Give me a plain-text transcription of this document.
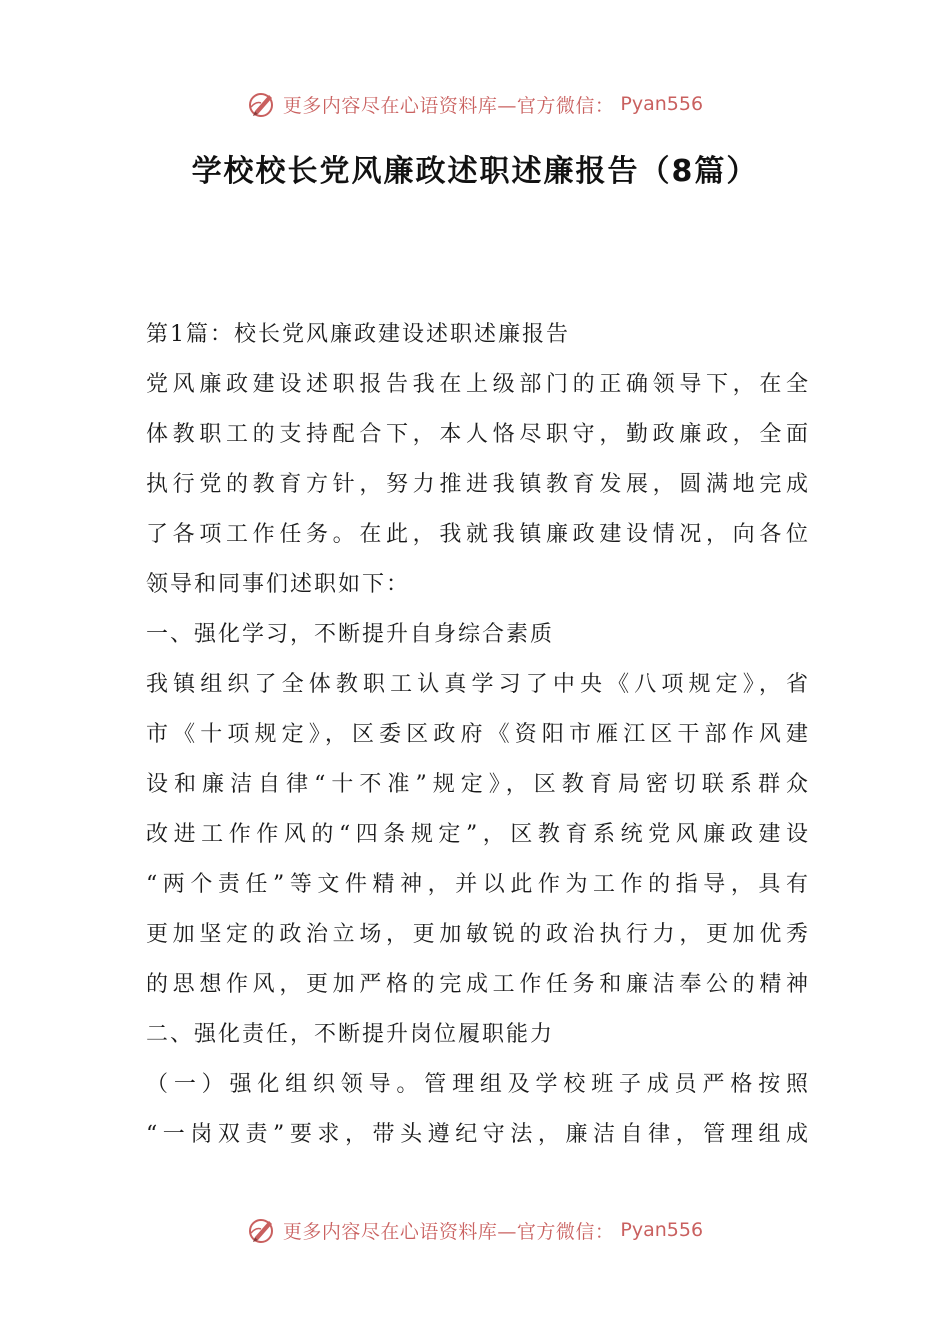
更多内容尽在心语资料库—官方微信： Pyan556
学校校长党风廉政述职述廉报告（8篇）
第1篇：校长党风廉政建设述职述廉报告
党风廉政建设述职报告我在上级部门的正确领导下，在全
体教职工的支持配合下，本人恪尽职守，勤政廉政，全面
执行党的教育方针，努力推进我镇教育发展，圆满地完成
了各项工作任务。在此，我就我镇廉政建设情况，向各位
领导和同事们述职如下：
一、强化学习，不断提升自身综合素质
我镇组织了全体教职工认真学习了中央《八项规定》，省
市《十项规定》，区委区政府《资阳市雁江区干部作风建
设和廉洁自律“十不准”规定》，区教育局密切联系群众
改进工作作风的“四条规定”，区教育系统党风廉政建设
“两个责任”等文件精神，并以此作为工作的指导，具有
更加坚定的政治立场，更加敏锐的政治执行力，更加优秀
的思想作风，更加严格的完成工作任务和廉洁奉公的精神
二、强化责任，不断提升岗位履职能力
（一）强化组织领导。管理组及学校班子成员严格按照
“一岗双责”要求，带头遵纪守法，廉洁自律，管理组成
更多内容尽在心语资料库—官方微信： Pyan556
